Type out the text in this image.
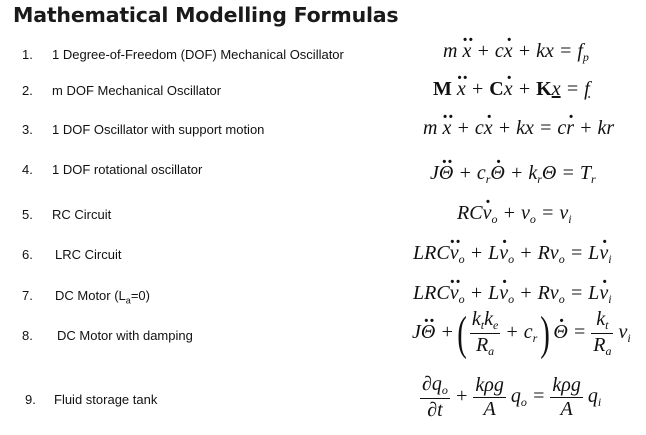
Mathematical Modelling Formulas
1. 1 Degree-of-Freedom (DOF) Mechanical Oscillator	m x ·· + cx · + kx = $f_p$
2. m DOF Mechanical Oscillator	M x ·· + Cx · + Kx = f
3. 1 DOF Oscillator with support motion	m x ·· + cx · + kx = cr · + kr
4. 1 DOF rotational oscillator	JΘ ·· + $c_r\Theta$ · + $k_r\Theta = T_r$
5. RC Circuit	RCv $\cdot_o + v_o = v_i$
6. LRC Circuit	LRCv $\cdot\cdot_o + Lv \cdot_o + Rv_o = Lv \cdot_i$
7. DC Motor $(L_a=0)$	LRCv $\cdot\cdot_o + Lv \cdot_o + Rv_o = Lv \cdot_i$
8. DC Motor with damping	JΘ ·· +( $\frac{k_tk_e}{R_a} + c_r$) Θ · = $\frac{k_t}{R_a} v_i$
9. Fluid storage tank	$\frac{\partial q_o}{\partial t} + \frac{\text{kρg}}{A} q_o = \frac{\text{kρg}}{A} q_i$
